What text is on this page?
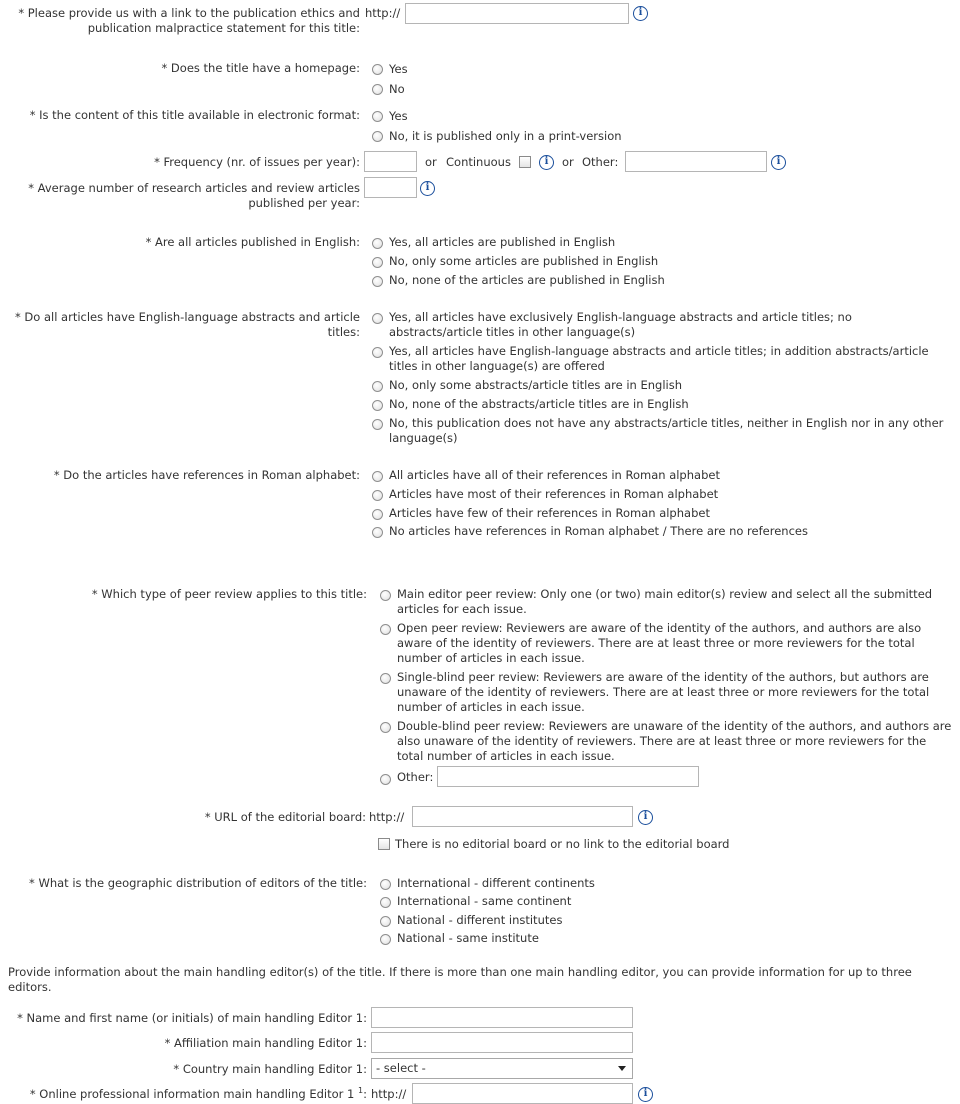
* Please provide us with a link to the publication ethics and publication malpractice statement for this title:
http://	i
* Does the title have a homepage:	Yes
No
* Is the content of this title available in electronic format:	Yes
No, it is published only in a print-version
* Frequency (nr. of issues per year):	or Continuous	i	or Other:	i
* Average number of research articles and review articles published per year:
i
* Are all articles published in English:	Yes, all articles are published in English
No, only some articles are published in English
No, none of the articles are published in English
* Do all articles have English-language abstracts and article titles:
Yes, all articles have exclusively English-language abstracts and article titles; no abstracts/article titles in other language(s)
Yes, all articles have English-language abstracts and article titles; in addition abstracts/article titles in other language(s) are offered
No, only some abstracts/article titles are in English
No, none of the abstracts/article titles are in English
No, this publication does not have any abstracts/article titles, neither in English nor in any other language(s)
* Do the articles have references in Roman alphabet:	All articles have all of their references in Roman alphabet
Articles have most of their references in Roman alphabet
Articles have few of their references in Roman alphabet
No articles have references in Roman alphabet / There are no references
* Which type of peer review applies to this title:	Main editor peer review: Only one (or two) main editor(s) review and select all the submitted articles for each issue.
Open peer review: Reviewers are aware of the identity of the authors, and authors are also aware of the identity of reviewers. There are at least three or more reviewers for the total number of articles in each issue.
Single-blind peer review: Reviewers are aware of the identity of the authors, but authors are unaware of the identity of reviewers. There are at least three or more reviewers for the total number of articles in each issue.
Double-blind peer review: Reviewers are unaware of the identity of the authors, and authors are also unaware of the identity of reviewers. There are at least three or more reviewers for the total number of articles in each issue.
Other:
* URL of the editorial board: http://	i
There is no editorial board or no link to the editorial board
* What is the geographic distribution of editors of the title:	International - different continents
International - same continent
National - different institutes
National - same institute
Provide information about the main handling editor(s) of the title. If there is more than one main handling editor, you can provide information for up to three editors.
* Name and first name (or initials) of main handling Editor 1:
* Affiliation main handling Editor 1:
* Country main handling Editor 1: - select -
* Online professional information main handling Editor 1 $^1$: http://	i
